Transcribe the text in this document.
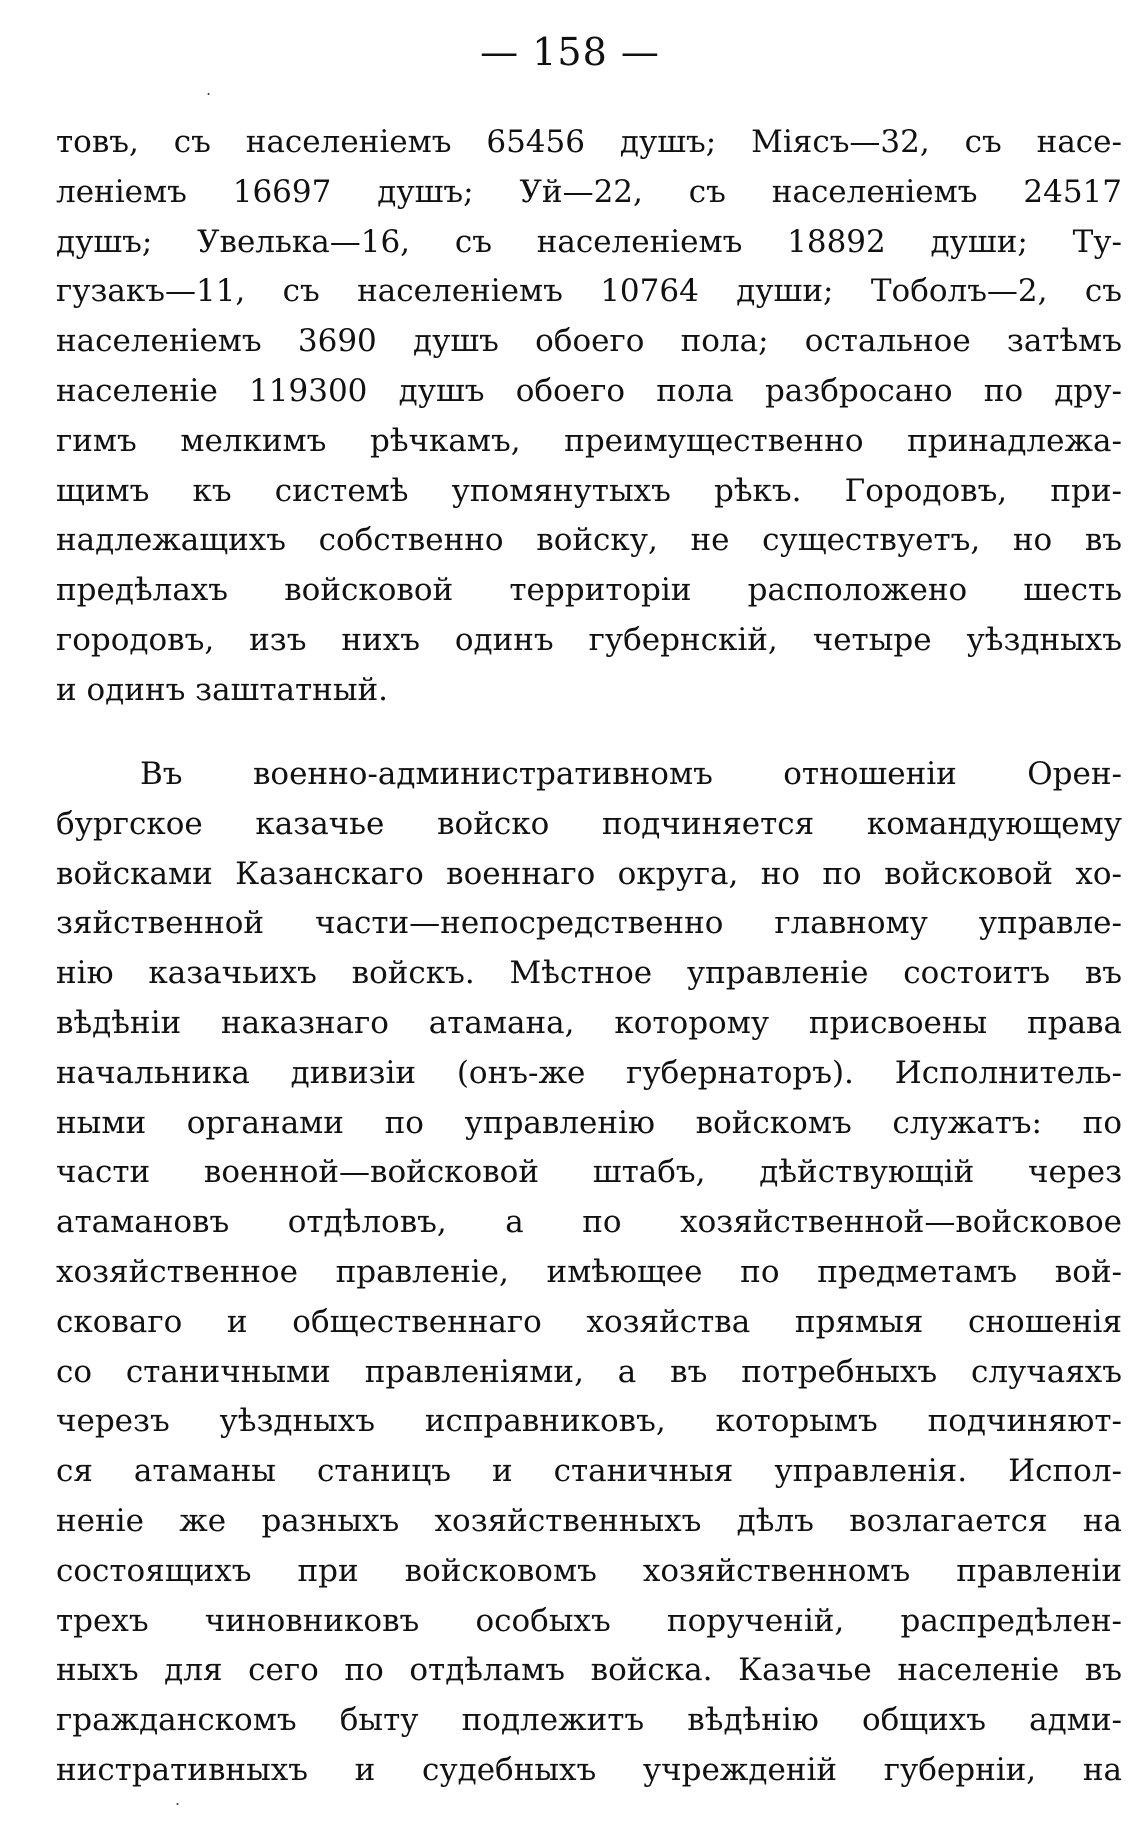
.
— 158 —
товъ, съ населеніемъ 65456 душъ; Міясъ—32, съ насе-
леніемъ 16697 душъ; Уй—22, съ населеніемъ 24517
душъ; Увелька—16, съ населеніемъ 18892 души; Ту-
гузакъ—11, съ населеніемъ 10764 души; Тоболъ—2, съ
населеніемъ 3690 душъ обоего пола; остальное затѣмъ
населеніе 119300 душъ обоего пола разбросано по дру-
гимъ мелкимъ рѣчкамъ, преимущественно принадлежа-
щимъ къ системѣ упомянутыхъ рѣкъ. Городовъ, при-
надлежащихъ собственно войску, не существуетъ, но въ
предѣлахъ войсковой территоріи расположено шесть
городовъ, изъ нихъ одинъ губернскій, четыре уѣздныхъ
и одинъ заштатный.
Въ военно-административномъ отношеніи Орен-
бургское казачье войско подчиняется командующему
войсками Казанскаго военнаго округа, но по войсковой хо-
зяйственной части—непосредственно главному управле-
нію казачьихъ войскъ. Мѣстное управленіе состоитъ въ
вѣдѣніи наказнаго атамана, которому присвоены права
начальника дивизіи (онъ-же губернаторъ). Исполнитель-
ными органами по управленію войскомъ служатъ: по
части военной—войсковой штабъ, дѣйствующій через
атамановъ отдѣловъ, а по хозяйственной—войсковое
хозяйственное правленіе, имѣющее по предметамъ вой-
сковаго и общественнаго хозяйства прямыя сношенія
со станичными правленіями, а въ потребныхъ случаяхъ
черезъ уѣздныхъ исправниковъ, которымъ подчиняют-
ся атаманы станицъ и станичныя управленія. Испол-
неніе же разныхъ хозяйственныхъ дѣлъ возлагается на
состоящихъ при войсковомъ хозяйственномъ правленіи
трехъ чиновниковъ особыхъ порученій, распредѣлен-
ныхъ для сего по отдѣламъ войска. Казачье населеніе въ
гражданскомъ быту подлежитъ вѣдѣнію общихъ адми-
нистративныхъ и судебныхъ учрежденій губерніи, на
.
